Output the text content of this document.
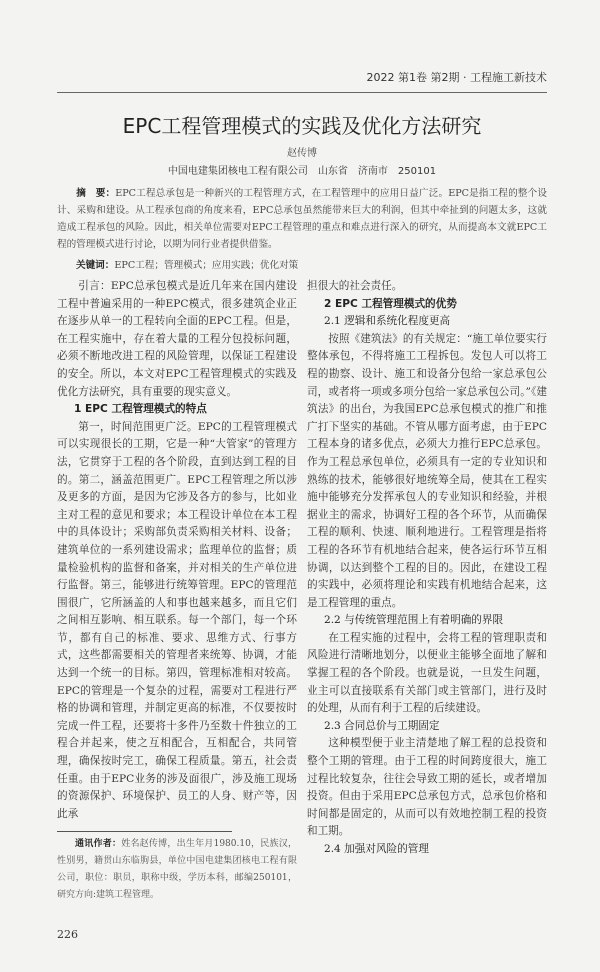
2022 第1卷 第2期 · 工程施工新技术
EPC工程管理模式的实践及优化方法研究
赵传博
中国电建集团核电工程有限公司　山东省　济南市　250101
摘　要：EPC工程总承包是一种新兴的工程管理方式，在工程管理中的应用日益广泛。EPC是指工程的整个设计、采购和建设。从工程承包商的角度来看，EPC总承包虽然能带来巨大的利润，但其中牵扯到的问题太多，这就造成工程承包的风险。因此，相关单位需要对EPC工程管理的重点和难点进行深入的研究，从而提高本文就EPC工程的管理模式进行讨论，以期为同行业者提供借鉴。
关键词：EPC工程；管理模式；应用实践；优化对策

引言：EPC总承包模式是近几年来在国内建设工程中普遍采用的一种EPC模式，很多建筑企业正在逐步从单一的工程转向全面的EPC工程。但是，在工程实施中，存在着大量的工程分包投标问题，必须不断地改进工程的风险管理，以保证工程建设的安全。所以，本文对EPC工程管理模式的实践及优化方法研究，具有重要的现实意义。

1 EPC 工程管理模式的特点

第一，时间范围更广泛。EPC的工程管理模式可以实现很长的工期，它是一种“大管家”的管理方法，它贯穿于工程的各个阶段，直到达到工程的目的。第二，涵盖范围更广。EPC工程管理之所以涉及更多的方面，是因为它涉及各方的参与，比如业主对工程的意见和要求；本工程设计单位在本工程中的具体设计；采购部负责采购相关材料、设备；建筑单位的一系列建设需求；监理单位的监督；质量检验机构的监督和备案，并对相关的生产单位进行监督。第三，能够进行统筹管理。EPC的管理范围很广，它所涵盖的人和事也越来越多，而且它们之间相互影响、相互联系。每一个部门，每一个环节，都有自己的标准、要求、思维方式、行事方式，这些都需要相关的管理者来统筹、协调，才能达到一个统一的目标。第四，管理标准相对较高。EPC的管理是一个复杂的过程，需要对工程进行严格的协调和管理，并制定更高的标准，不仅要按时完成一件工程，还要将十多件乃至数十件独立的工程合并起来，使之互相配合，互相配合，共同管理，确保按时完工，确保工程质量。第五，社会责任重。由于EPC业务的涉及面很广，涉及施工现场的资源保护、环境保护、员工的人身、财产等，因此承

通讯作者：姓名赵传博，出生年月1980.10，民族汉，性别男，籍贯山东临朐县，单位中国电建集团核电工程有限公司，职位：职员，职称中级，学历本科，邮编250101，研究方向:建筑工程管理。
226

担很大的社会责任。

2 EPC 工程管理模式的优势
2.1 逻辑和系统化程度更高

按照《建筑法》的有关规定：“施工单位要实行整体承包，不得将施工工程拆包。发包人可以将工程的勘察、设计、施工和设备分包给一家总承包公司，或者将一项或多项分包给一家总承包公司。”《建筑法》的出台，为我国EPC总承包模式的推广和推广打下坚实的基础。不管从哪方面考虑，由于EPC工程本身的诸多优点，必须大力推行EPC总承包。作为工程总承包单位，必须具有一定的专业知识和熟练的技术，能够很好地统筹全局，使其在工程实施中能够充分发挥承包人的专业知识和经验，并根据业主的需求，协调好工程的各个环节，从而确保工程的顺利、快速、顺利地进行。工程管理是指将工程的各环节有机地结合起来，使各运行环节互相协调，以达到整个工程的目的。因此，在建设工程的实践中，必须将理论和实践有机地结合起来，这是工程管理的重点。

2.2 与传统管理范围上有着明确的界限

在工程实施的过程中，会将工程的管理职责和风险进行清晰地划分，以便业主能够全面地了解和掌握工程的各个阶段。也就是说，一旦发生问题，业主可以直接联系有关部门或主管部门，进行及时的处理，从而有利于工程的后续建设。

2.3 合同总价与工期固定

这种模型便于业主清楚地了解工程的总投资和整个工期的管理。由于工程的时间跨度很大，施工过程比较复杂，往往会导致工期的延长，或者增加投资。但由于采用EPC总承包方式，总承包价格和时间都是固定的，从而可以有效地控制工程的投资和工期。

2.4 加强对风险的管理
